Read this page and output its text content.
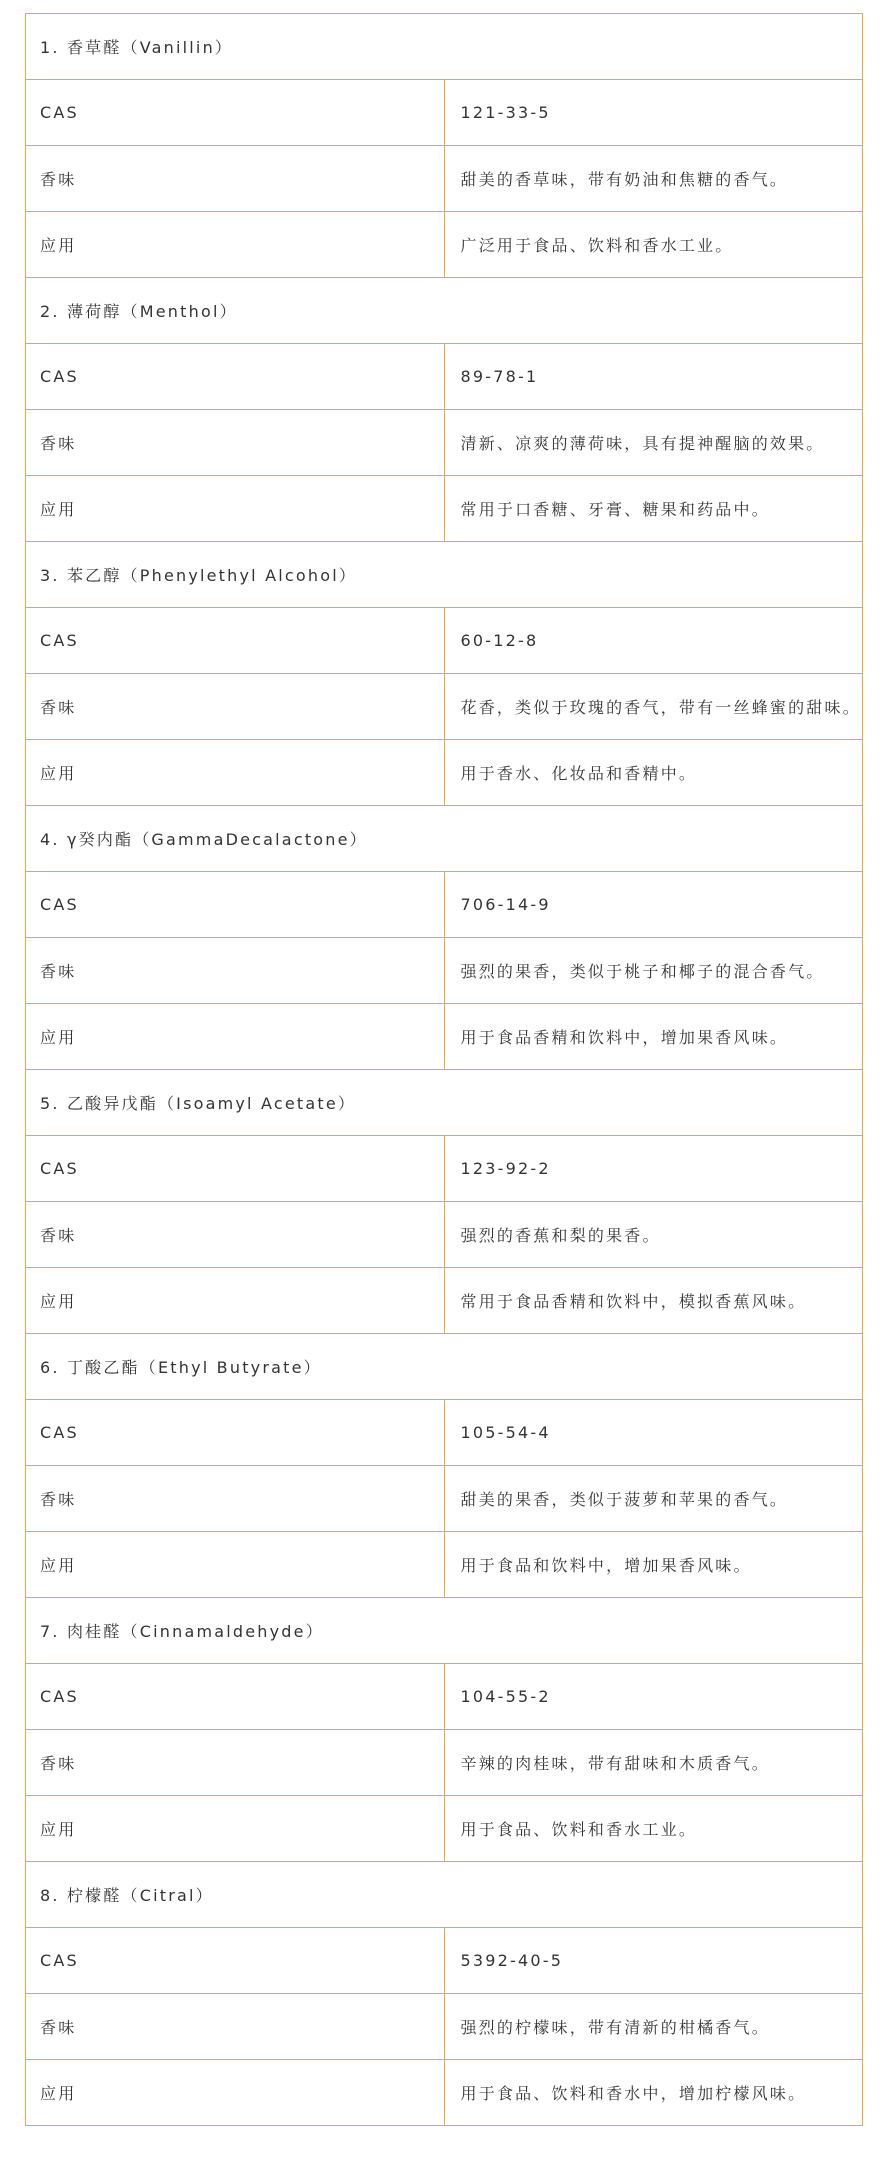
1. 香草醛（Vanillin）	
CAS	121-33-5
香味	甜美的香草味，带有奶油和焦糖的香气。
应用	广泛用于食品、饮料和香水工业。
2. 薄荷醇（Menthol）	
CAS	89-78-1
香味	清新、凉爽的薄荷味，具有提神醒脑的效果。
应用	常用于口香糖、牙膏、糖果和药品中。
3. 苯乙醇（Phenylethyl Alcohol）	
CAS	60-12-8
香味	花香，类似于玫瑰的香气，带有一丝蜂蜜的甜味。
应用	用于香水、化妆品和香精中。
4. γ癸内酯（GammaDecalactone）	
CAS	706-14-9
香味	强烈的果香，类似于桃子和椰子的混合香气。
应用	用于食品香精和饮料中，增加果香风味。
5. 乙酸异戊酯（Isoamyl Acetate）	
CAS	123-92-2
香味	强烈的香蕉和梨的果香。
应用	常用于食品香精和饮料中，模拟香蕉风味。
6. 丁酸乙酯（Ethyl Butyrate）	
CAS	105-54-4
香味	甜美的果香，类似于菠萝和苹果的香气。
应用	用于食品和饮料中，增加果香风味。
7. 肉桂醛（Cinnamaldehyde）	
CAS	104-55-2
香味	辛辣的肉桂味，带有甜味和木质香气。
应用	用于食品、饮料和香水工业。
8. 柠檬醛（Citral）	
CAS	5392-40-5
香味	强烈的柠檬味，带有清新的柑橘香气。
应用	用于食品、饮料和香水中，增加柠檬风味。
